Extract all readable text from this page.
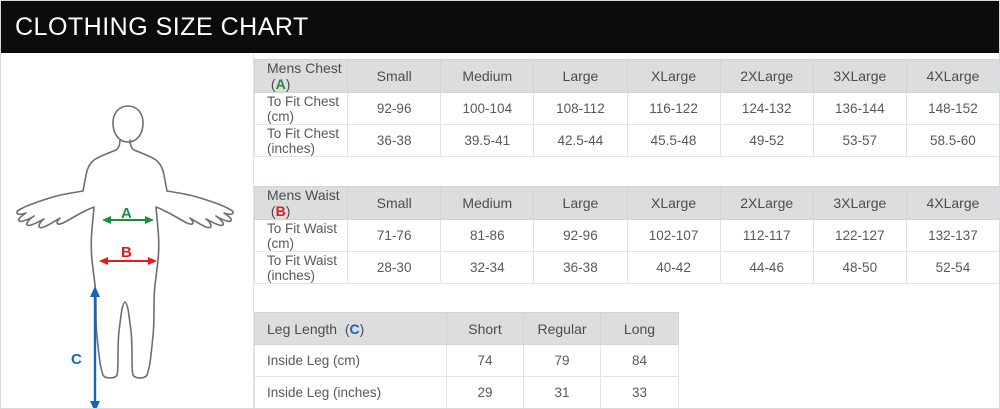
CLOTHING SIZE CHART
A
B
C
Mens Chest  (A)	Small	Medium	Large	XLarge	2XLarge	3XLarge	4XLarge
To Fit Chest (cm)	92-96	100-104	108-112	116-122	124-132	136-144	148-152
To Fit Chest (inches)	36-38	39.5-41	42.5-44	45.5-48	49-52	53-57	58.5-60
Mens Waist  (B)	Small	Medium	Large	XLarge	2XLarge	3XLarge	4XLarge
To Fit Waist (cm)	71-76	81-86	92-96	102-107	112-117	122-127	132-137
To Fit Waist (inches)	28-30	32-34	36-38	40-42	44-46	48-50	52-54
Leg Length  (C)	Short	Regular	Long
Inside Leg (cm)	74	79	84
Inside Leg (inches)	29	31	33
